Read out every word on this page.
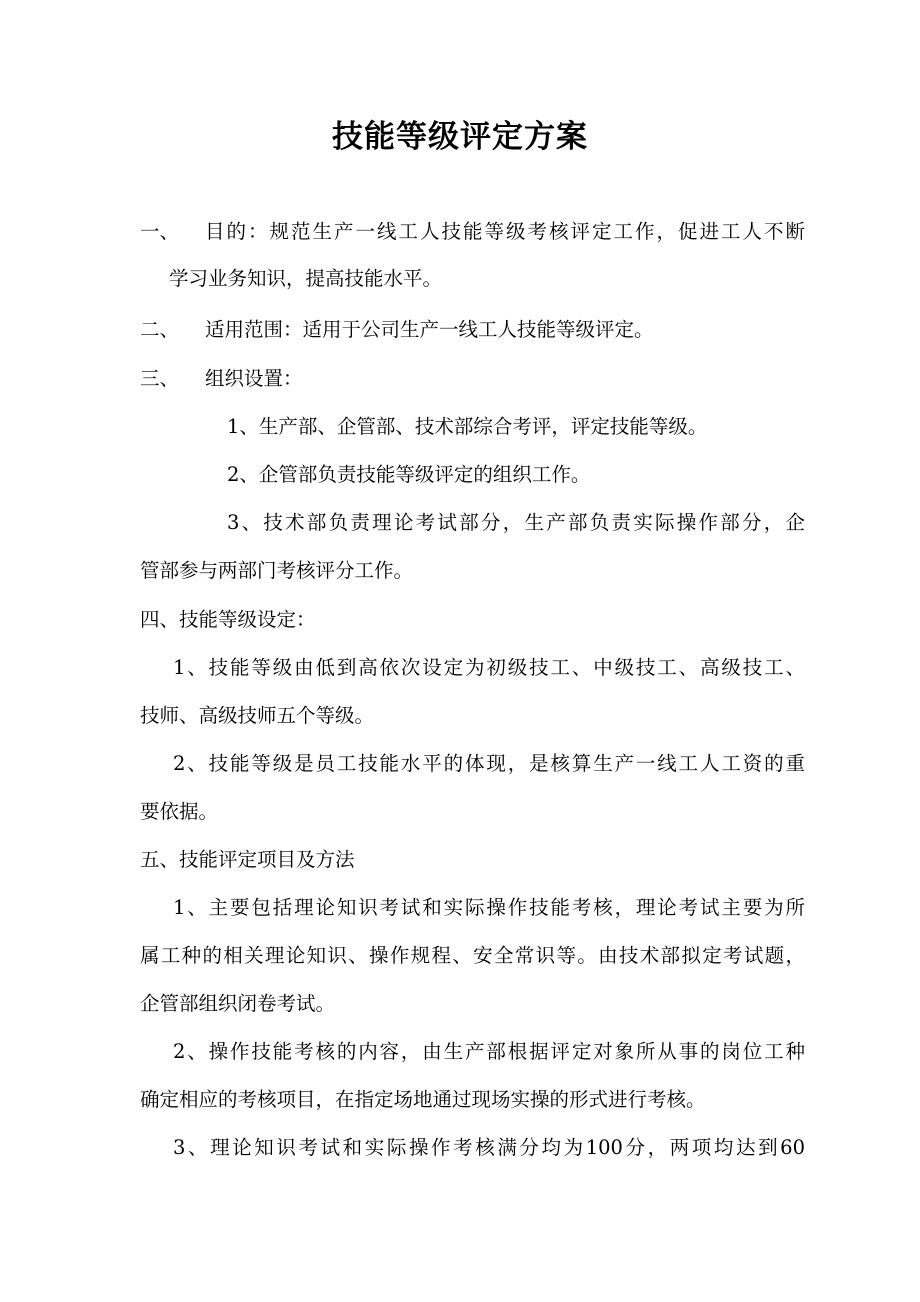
技能等级评定方案
一、 目的：规范生产一线工人技能等级考核评定工作，促进工人不断
学习业务知识，提高技能水平。
二、 适用范围：适用于公司生产一线工人技能等级评定。
三、 组织设置：
1、生产部、企管部、技术部综合考评，评定技能等级。
2、企管部负责技能等级评定的组织工作。
3、技术部负责理论考试部分，生产部负责实际操作部分，企
管部参与两部门考核评分工作。
四、技能等级设定：
1、技能等级由低到高依次设定为初级技工、中级技工、高级技工、
技师、高级技师五个等级。
2、技能等级是员工技能水平的体现，是核算生产一线工人工资的重
要依据。
五、技能评定项目及方法
1、主要包括理论知识考试和实际操作技能考核，理论考试主要为所
属工种的相关理论知识、操作规程、安全常识等。由技术部拟定考试题，
企管部组织闭卷考试。
2、操作技能考核的内容，由生产部根据评定对象所从事的岗位工种
确定相应的考核项目，在指定场地通过现场实操的形式进行考核。
3、理论知识考试和实际操作考核满分均为100分，两项均达到60
